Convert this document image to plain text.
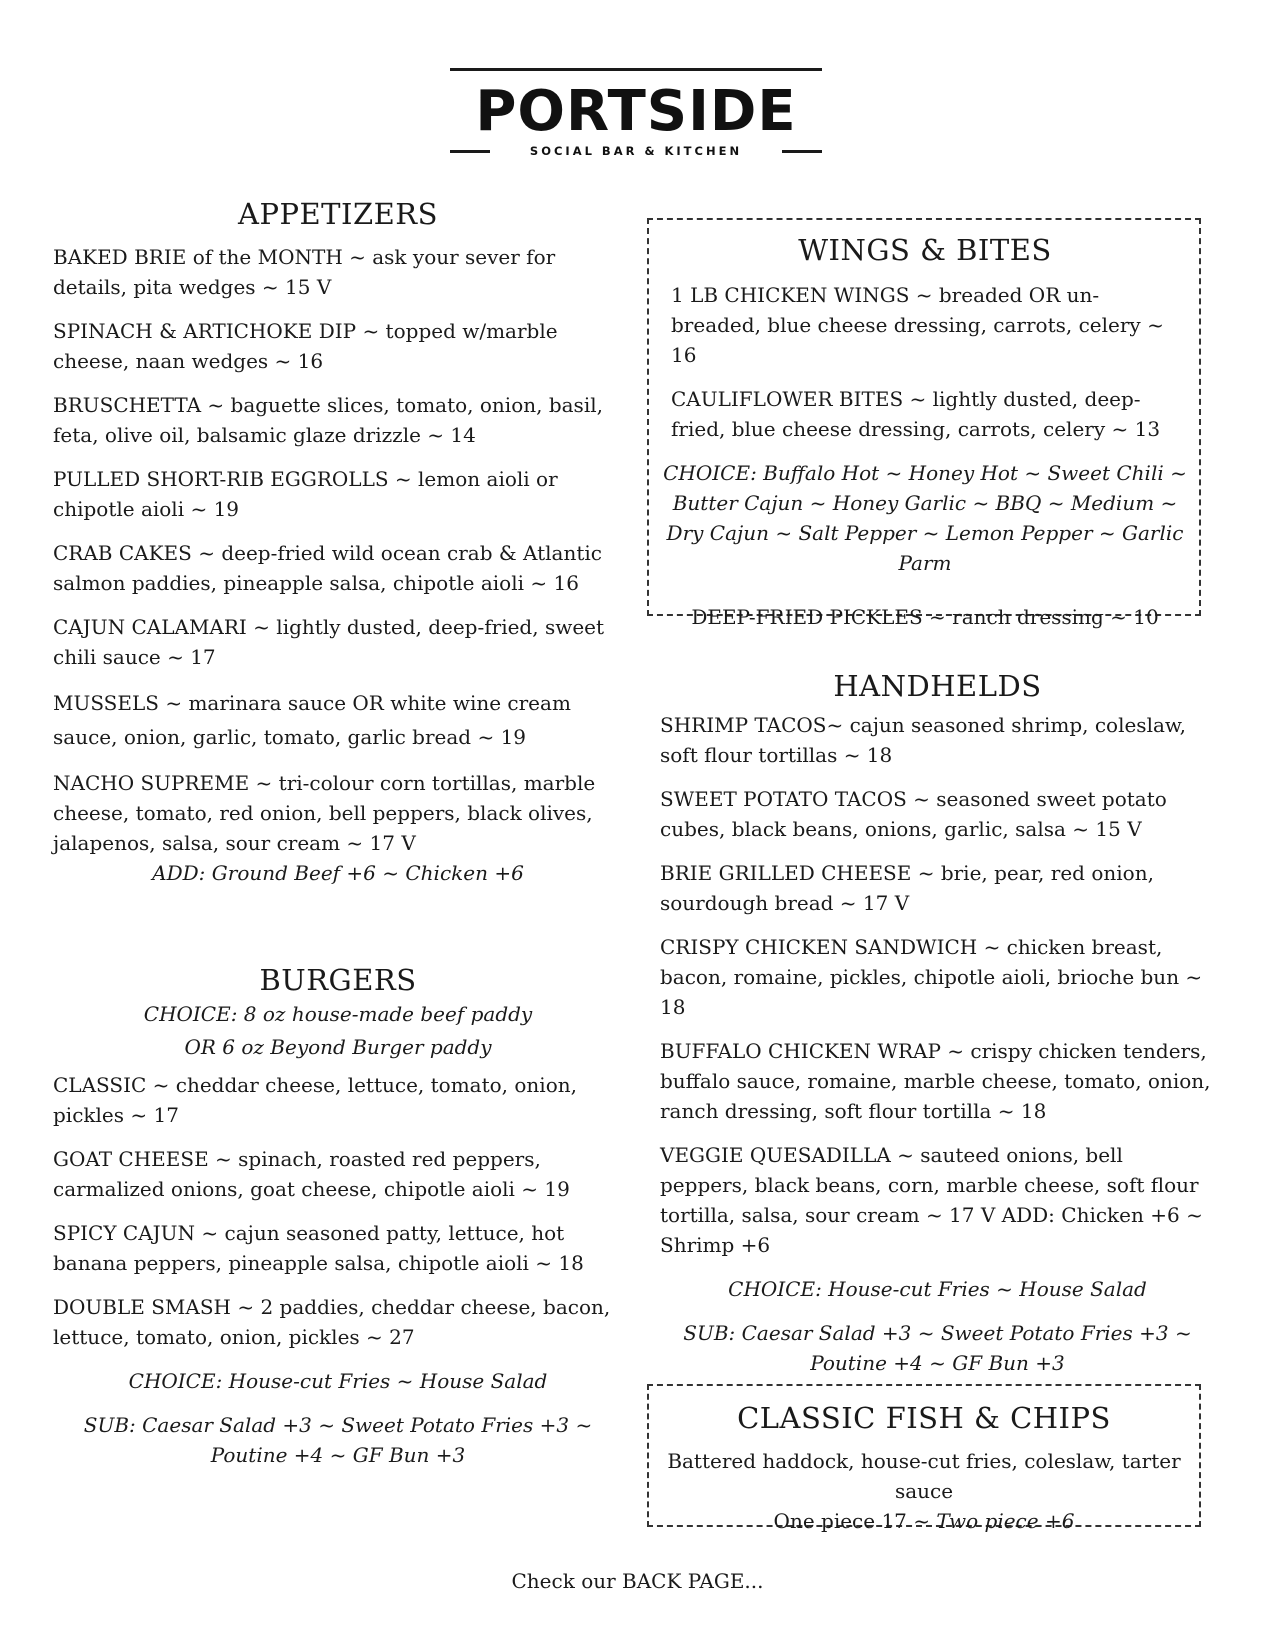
PORTSIDE
SOCIAL BAR & KITCHEN
APPETIZERS

BAKED BRIE of the MONTH ~ ask your sever for details, pita wedges ~ 15 V

SPINACH & ARTICHOKE DIP ~ topped w/marble cheese, naan wedges ~ 16

BRUSCHETTA ~ baguette slices, tomato, onion, basil, feta, olive oil, balsamic glaze drizzle ~ 14

PULLED SHORT-RIB EGGROLLS ~ lemon aioli or chipotle aioli ~ 19

CRAB CAKES ~ deep-fried wild ocean crab & Atlantic salmon paddies, pineapple salsa, chipotle aioli ~ 16

CAJUN CALAMARI ~ lightly dusted, deep-fried, sweet chili sauce ~ 17

MUSSELS ~ marinara sauce OR white wine cream sauce, onion, garlic, tomato, garlic bread ~ 19

NACHO SUPREME ~ tri-colour corn tortillas, marble cheese, tomato, red onion, bell peppers, black olives, jalapenos, salsa, sour cream ~ 17 V

ADD: Ground Beef +6 ~ Chicken +6

BURGERS

CHOICE: 8 oz house-made beef paddy

OR 6 oz Beyond Burger paddy

CLASSIC ~ cheddar cheese, lettuce, tomato, onion, pickles ~ 17

GOAT CHEESE ~ spinach, roasted red peppers, carmalized onions, goat cheese, chipotle aioli ~ 19

SPICY CAJUN ~ cajun seasoned patty, lettuce, hot banana peppers, pineapple salsa, chipotle aioli ~ 18

DOUBLE SMASH ~ 2 paddies, cheddar cheese, bacon, lettuce, tomato, onion, pickles ~ 27

CHOICE: House-cut Fries ~ House Salad

SUB: Caesar Salad +3 ~ Sweet Potato Fries +3 ~

Poutine +4 ~ GF Bun +3

WINGS & BITES

1 LB CHICKEN WINGS ~ breaded OR un-breaded, blue cheese dressing, carrots, celery ~ 16

CAULIFLOWER BITES ~ lightly dusted, deep-fried, blue cheese dressing, carrots, celery ~ 13

CHOICE: Buffalo Hot ~ Honey Hot ~ Sweet Chili ~ Butter Cajun ~ Honey Garlic ~ BBQ ~ Medium ~ Dry Cajun ~ Salt Pepper ~ Lemon Pepper ~ Garlic Parm

DEEP-FRIED PICKLES ~ ranch dressing ~ 10

HANDHELDS

SHRIMP TACOS~ cajun seasoned shrimp, coleslaw, soft flour tortillas ~ 18

SWEET POTATO TACOS ~ seasoned sweet potato cubes, black beans, onions, garlic, salsa ~ 15 V

BRIE GRILLED CHEESE ~ brie, pear, red onion, sourdough bread ~ 17 V

CRISPY CHICKEN SANDWICH ~ chicken breast, bacon, romaine, pickles, chipotle aioli, brioche bun ~ 18

BUFFALO CHICKEN WRAP ~ crispy chicken tenders, buffalo sauce, romaine, marble cheese, tomato, onion, ranch dressing, soft flour tortilla ~ 18

VEGGIE QUESADILLA ~ sauteed onions, bell peppers, black beans, corn, marble cheese, soft flour tortilla, salsa, sour cream ~ 17 V ADD: Chicken +6 ~ Shrimp +6

CHOICE: House-cut Fries ~ House Salad

SUB: Caesar Salad +3 ~ Sweet Potato Fries +3 ~

Poutine +4 ~ GF Bun +3

CLASSIC FISH & CHIPS

Battered haddock, house-cut fries, coleslaw, tarter sauce

One piece 17 ~ Two piece +6

Check our BACK PAGE...
